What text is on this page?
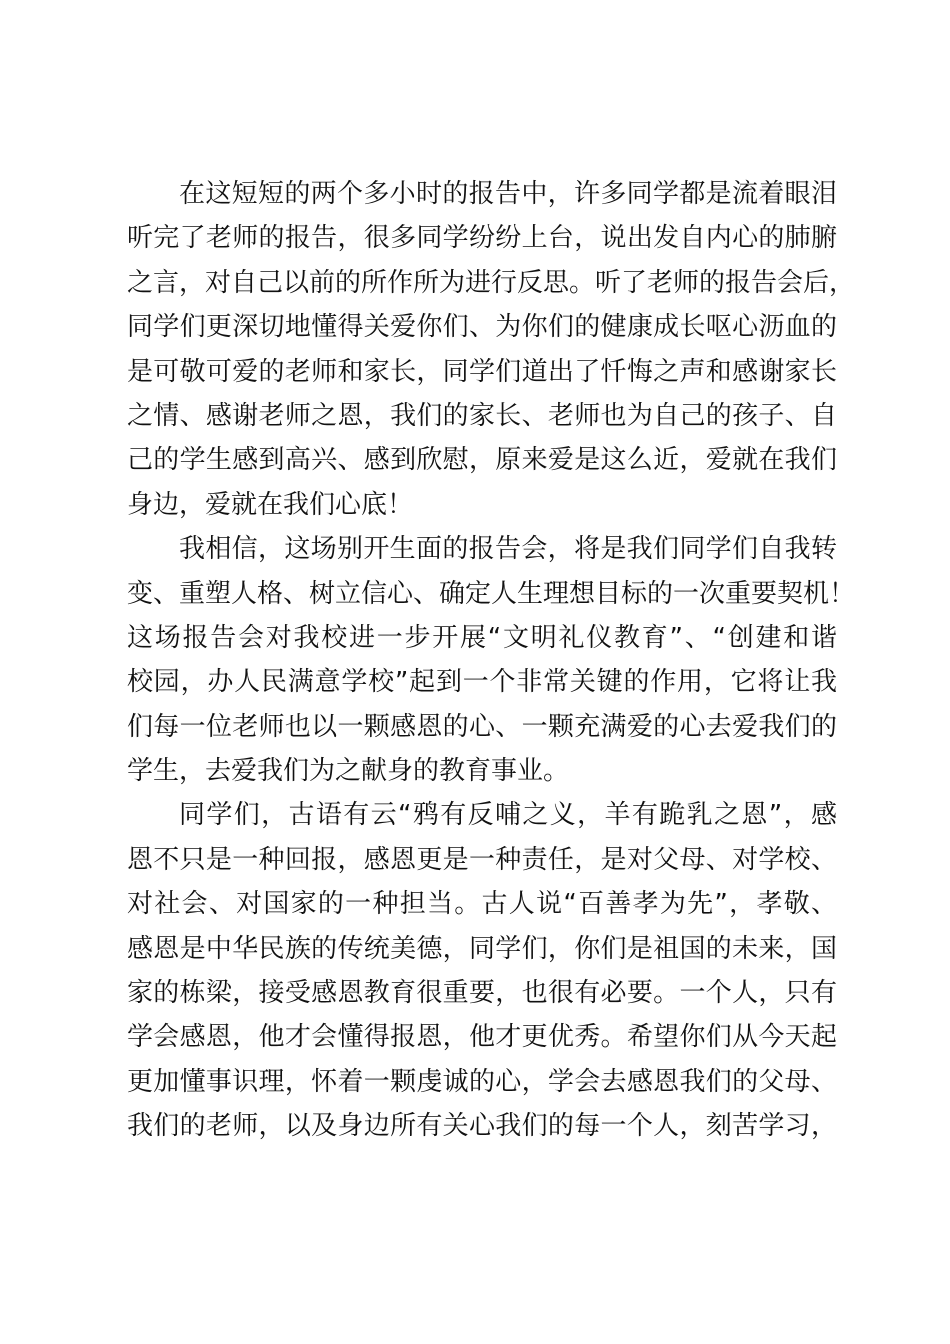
在这短短的两个多小时的报告中，许多同学都是流着眼泪
听完了老师的报告，很多同学纷纷上台，说出发自内心的肺腑
之言，对自己以前的所作所为进行反思。听了老师的报告会后，
同学们更深切地懂得关爱你们、为你们的健康成长呕心沥血的
是可敬可爱的老师和家长，同学们道出了忏悔之声和感谢家长
之情、感谢老师之恩，我们的家长、老师也为自己的孩子、自
己的学生感到高兴、感到欣慰，原来爱是这么近，爱就在我们
身边，爱就在我们心底！
我相信，这场别开生面的报告会，将是我们同学们自我转
变、重塑人格、树立信心、确定人生理想目标的一次重要契机！
这场报告会对我校进一步开展“文明礼仪教育”、“创建和谐
校园，办人民满意学校”起到一个非常关键的作用，它将让我
们每一位老师也以一颗感恩的心、一颗充满爱的心去爱我们的
学生，去爱我们为之献身的教育事业。
同学们，古语有云“鸦有反哺之义，羊有跪乳之恩”，感
恩不只是一种回报，感恩更是一种责任，是对父母、对学校、
对社会、对国家的一种担当。古人说“百善孝为先”，孝敬、
感恩是中华民族的传统美德，同学们，你们是祖国的未来，国
家的栋梁，接受感恩教育很重要，也很有必要。一个人，只有
学会感恩，他才会懂得报恩，他才更优秀。希望你们从今天起
更加懂事识理，怀着一颗虔诚的心，学会去感恩我们的父母、
我们的老师，以及身边所有关心我们的每一个人，刻苦学习，
